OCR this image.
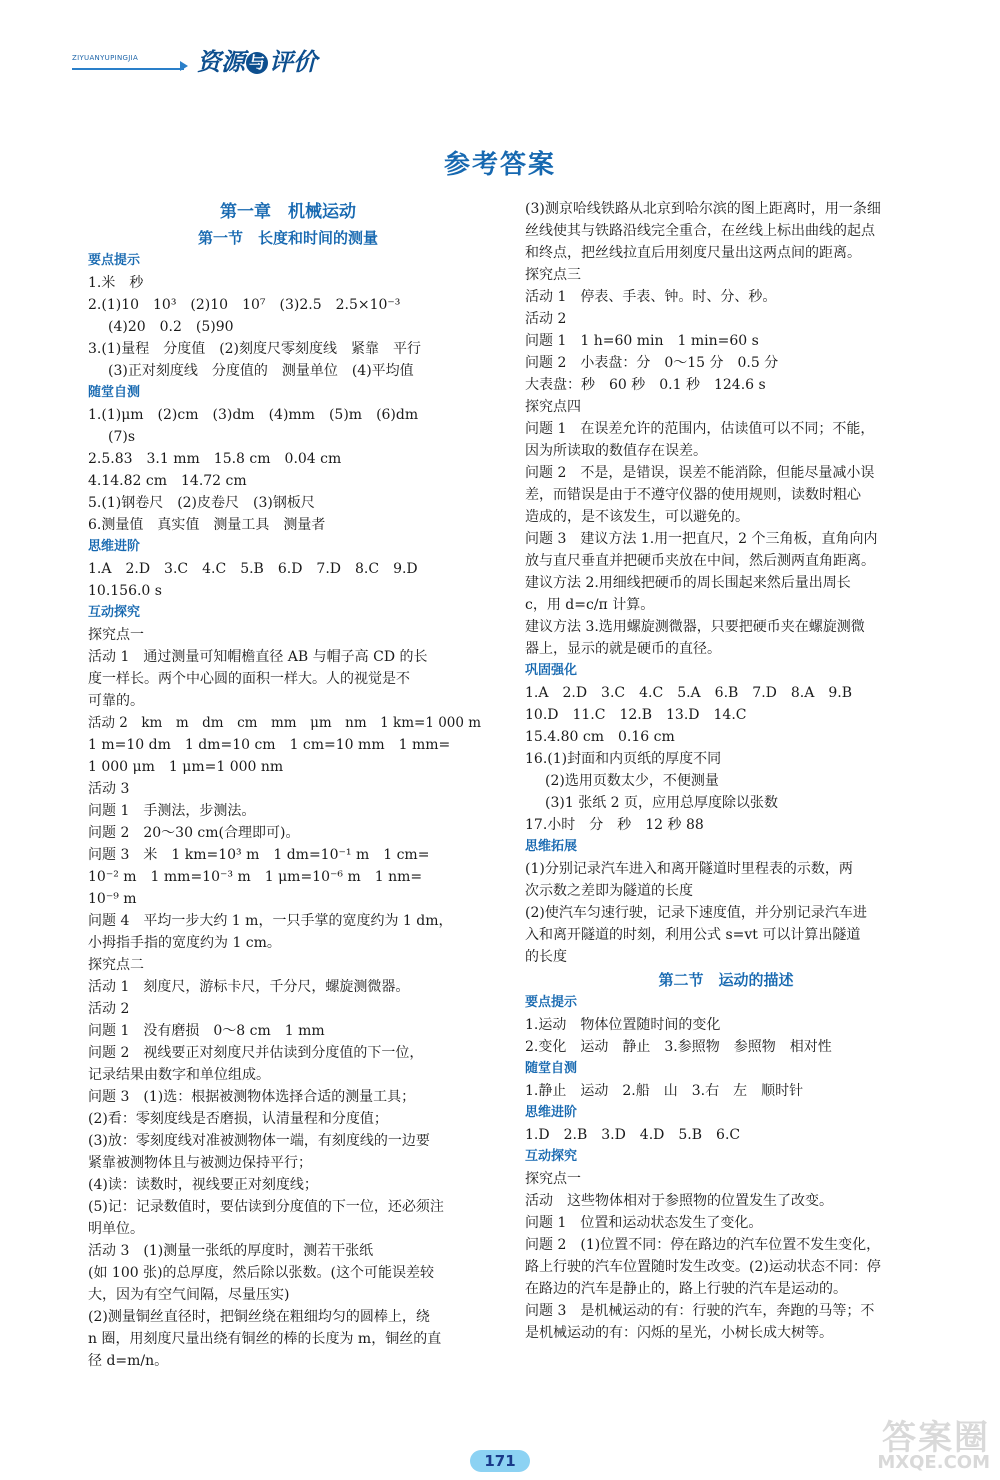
ZIYUANYUPINGJIA 资源 与 评价
参考答案
第一章　机械运动
第一节　长度和时间的测量
要点提示
1.米　秒
2.(1)10　10³　(2)10　10⁷　(3)2.5　2.5×10⁻³
(4)20　0.2　(5)90
3.(1)量程　分度值　(2)刻度尺零刻度线　紧靠　平行
(3)正对刻度线　分度值的　测量单位　(4)平均值
随堂自测
1.(1)μm　(2)cm　(3)dm　(4)mm　(5)m　(6)dm
(7)s
2.5.83　3.1 mm　15.8 cm　0.04 cm
4.14.82 cm　14.72 cm
5.(1)钢卷尺　(2)皮卷尺　(3)钢板尺
6.测量值　真实值　测量工具　测量者
思维进阶
1.A　2.D　3.C　4.C　5.B　6.D　7.D　8.C　9.D
10.156.0 s
互动探究
探究点一
活动 1　通过测量可知帽檐直径 AB 与帽子高 CD 的长
度一样长。两个中心圆的面积一样大。人的视觉是不
可靠的。
活动 2　km　m　dm　cm　mm　μm　nm　1 km=1 000 m
1 m=10 dm　1 dm=10 cm　1 cm=10 mm　1 mm=
1 000 μm　1 μm=1 000 nm
活动 3
问题 1　手测法，步测法。
问题 2　20～30 cm(合理即可)。
问题 3　米　1 km=10³ m　1 dm=10⁻¹ m　1 cm=
10⁻² m　1 mm=10⁻³ m　1 μm=10⁻⁶ m　1 nm=
10⁻⁹ m
问题 4　平均一步大约 1 m，一只手掌的宽度约为 1 dm，
小拇指手指的宽度约为 1 cm。
探究点二
活动 1　刻度尺，游标卡尺，千分尺，螺旋测微器。
活动 2
问题 1　没有磨损　0～8 cm　1 mm
问题 2　视线要正对刻度尺并估读到分度值的下一位，
记录结果由数字和单位组成。
问题 3　(1)选：根据被测物体选择合适的测量工具；
(2)看：零刻度线是否磨损，认清量程和分度值；
(3)放：零刻度线对准被测物体一端，有刻度线的一边要
紧靠被测物体且与被测边保持平行；
(4)读：读数时，视线要正对刻度线；
(5)记：记录数值时，要估读到分度值的下一位，还必须注
明单位。
活动 3　(1)测量一张纸的厚度时，测若干张纸
(如 100 张)的总厚度，然后除以张数。(这个可能误差较
大，因为有空气间隔，尽量压实)
(2)测量铜丝直径时，把铜丝绕在粗细均匀的圆棒上，绕
n 圈，用刻度尺量出绕有铜丝的棒的长度为 m，铜丝的直
径 d=m/n。
(3)测京哈线铁路从北京到哈尔滨的图上距离时，用一条细
丝线使其与铁路沿线完全重合，在丝线上标出曲线的起点
和终点，把丝线拉直后用刻度尺量出这两点间的距离。
探究点三
活动 1　停表、手表、钟。时、分、秒。
活动 2
问题 1　1 h=60 min　1 min=60 s
问题 2　小表盘：分　0～15 分　0.5 分
大表盘：秒　60 秒　0.1 秒　124.6 s
探究点四
问题 1　在误差允许的范围内，估读值可以不同；不能，
因为所读取的数值存在误差。
问题 2　不是，是错误，误差不能消除，但能尽量减小误
差，而错误是由于不遵守仪器的使用规则，读数时粗心
造成的，是不该发生，可以避免的。
问题 3　建议方法 1.用一把直尺，2 个三角板，直角向内
放与直尺垂直并把硬币夹放在中间，然后测两直角距离。
建议方法 2.用细线把硬币的周长围起来然后量出周长
c，用 d=c/π 计算。
建议方法 3.选用螺旋测微器，只要把硬币夹在螺旋测微
器上，显示的就是硬币的直径。
巩固强化
1.A　2.D　3.C　4.C　5.A　6.B　7.D　8.A　9.B
10.D　11.C　12.B　13.D　14.C
15.4.80 cm　0.16 cm
16.(1)封面和内页纸的厚度不同
(2)选用页数太少，不便测量
(3)1 张纸 2 页，应用总厚度除以张数
17.小时　分　秒　12 秒 88
思维拓展
(1)分别记录汽车进入和离开隧道时里程表的示数，两
次示数之差即为隧道的长度
(2)使汽车匀速行驶，记录下速度值，并分别记录汽车进
入和离开隧道的时刻，利用公式 s=vt 可以计算出隧道
的长度
第二节　运动的描述
要点提示
1.运动　物体位置随时间的变化
2.变化　运动　静止　3.参照物　参照物　相对性
随堂自测
1.静止　运动　2.船　山　3.右　左　顺时针
思维进阶
1.D　2.B　3.D　4.D　5.B　6.C
互动探究
探究点一
活动　这些物体相对于参照物的位置发生了改变。
问题 1　位置和运动状态发生了变化。
问题 2　(1)位置不同：停在路边的汽车位置不发生变化，
路上行驶的汽车位置随时发生改变。(2)运动状态不同：停
在路边的汽车是静止的，路上行驶的汽车是运动的。
问题 3　是机械运动的有：行驶的汽车，奔跑的马等；不
是机械运动的有：闪烁的星光，小树长成大树等。
171
答案圈
MXQE.COM
